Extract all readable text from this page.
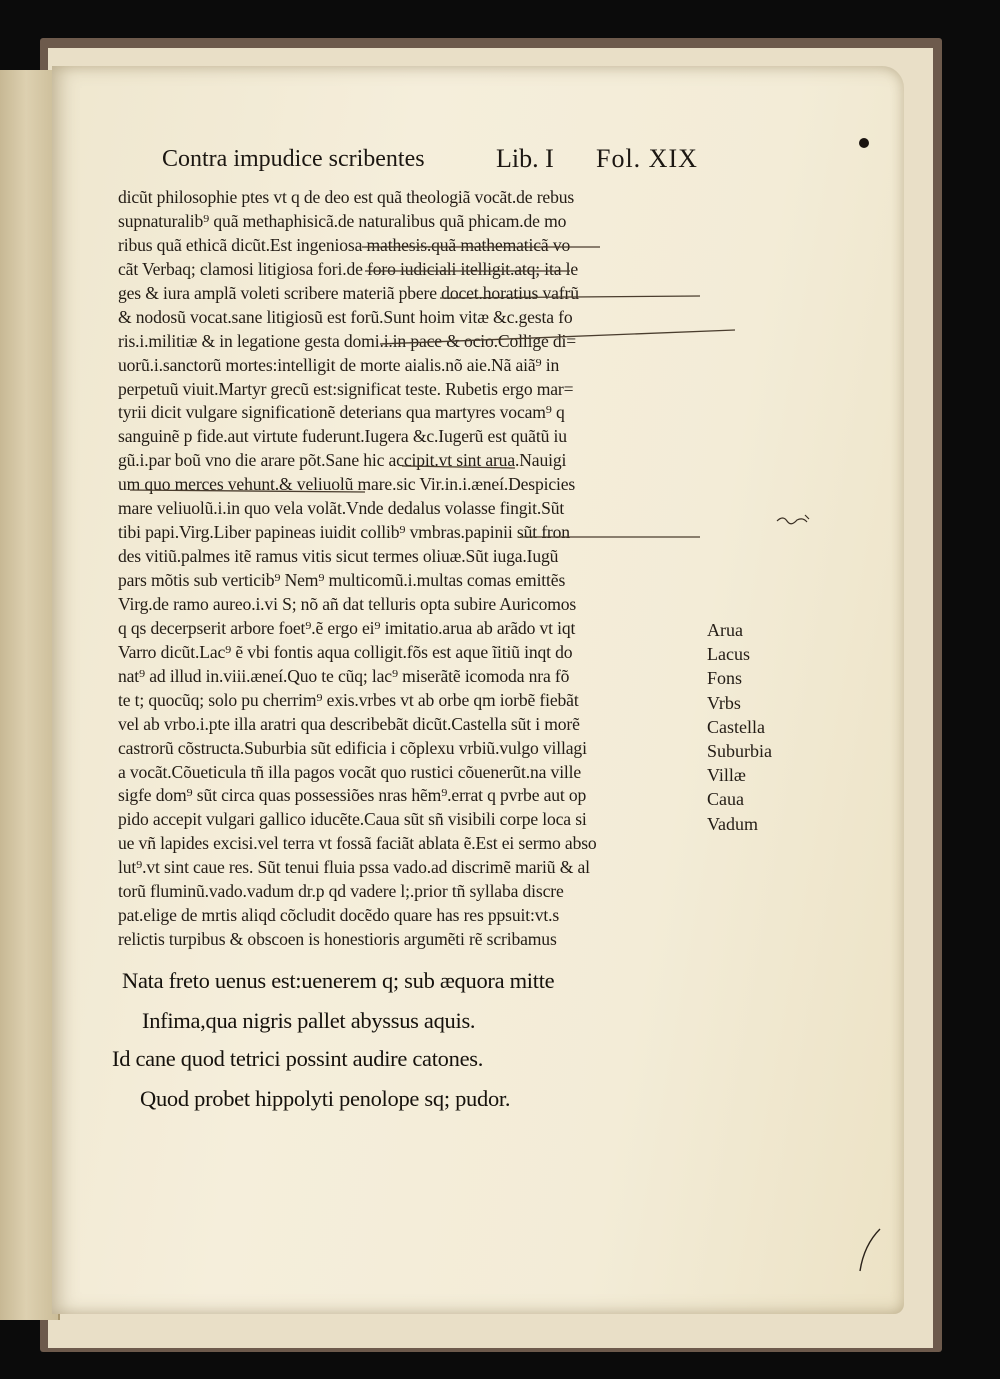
Contra impudice scribentes	Lib. I Fol. XIX
dicũt philosophie ptes vt q de deo est quã theologiã vocãt.de rebus
supnaturalib⁹ quã methaphisicã.de naturalibus quã phicam.de mo
ribus quã ethicã dicũt.Est ingeniosa mathesis.quã mathematicã vo
cãt Verbaq; clamosi litigiosa fori.de foro iudiciali itelligit.atq; ita le
ges & iura amplã voleti scribere materiã pbere docet.horatius vafrũ
& nodosũ vocat.sane litigiosũ est forũ.Sunt hoim vitæ &c.gesta fo
ris.i.militiæ & in legatione gesta domi.i.in pace & ocio.Collige di=
uorũ.i.sanctorũ mortes:intelligit de morte aialis.nõ aie.Nã aiã⁹ in
perpetuũ viuit.Martyr grecũ est:significat teste. Rubetis ergo mar=
tyrii dicit vulgare significationẽ deterians qua martyres vocam⁹ q
sanguinẽ p fide.aut virtute fuderunt.Iugera &c.Iugerũ est quãtũ iu
gũ.i.par boũ vno die arare põt.Sane hic accipit.vt sint arua.Nauigi
um quo merces vehunt.& veliuolũ mare.sic Vir.in.i.æneí.Despicies
mare veliuolũ.i.in quo vela volãt.Vnde dedalus volasse fingit.Sũt
tibi papi.Virg.Liber papineas iuidit collib⁹ vmbras.papinii sũt fron
des vitiũ.palmes itẽ ramus vitis sicut termes oliuæ.Sũt iuga.Iugũ
pars mõtis sub verticib⁹ Nem⁹ multicomũ.i.multas comas emittẽs
Virg.de ramo aureo.i.vi S; nõ añ dat telluris opta subire Auricomos
q qs decerpserit arbore foet⁹.ẽ ergo ei⁹ imitatio.arua ab arãdo vt iqt
Varro dicũt.Lac⁹ ẽ vbi fontis aqua colligit.fõs est aque ĩitiũ inqt do
nat⁹ ad illud in.viii.æneí.Quo te cũq; lac⁹ miserãtẽ icomoda nra fõ
te t; quocũq; solo pu cherrim⁹ exis.vrbes vt ab orbe qm iorbẽ fiebãt
vel ab vrbo.i.pte illa aratri qua describebãt dicũt.Castella sũt i morẽ
castrorũ cõstructa.Suburbia sũt edificia i cõplexu vrbiũ.vulgo villagi
a vocãt.Cõueticula tñ illa pagos vocãt quo rustici cõuenerũt.na ville
sigfe dom⁹ sũt circa quas possessiões nras hẽm⁹.errat q pvrbe aut op
pido accepit vulgari gallico iducẽte.Caua sũt sñ visibili corpe loca si
ue vñ lapides excisi.vel terra vt fossã faciãt ablata ẽ.Est ei sermo abso
lut⁹.vt sint caue res. Sũt tenui fluia pssa vado.ad discrimẽ mariũ & al
torũ fluminũ.vado.vadum dr.p qd vadere l;.prior tñ syllaba discre
pat.elige de mrtis aliqd cõcludit docẽdo quare has res ppsuit:vt.s
relictis turpibus & obscoen is honestioris argumẽti rẽ scribamus
Arua
Lacus
Fons
Vrbs
Castella
Suburbia
Villæ
Caua
Vadum
Nata freto uenus est:uenerem q; sub æquora mitte
Infima,qua nigris pallet abyssus aquis.
Id cane quod tetrici possint audire catones.
Quod probet hippolyti penolope sq; pudor.
